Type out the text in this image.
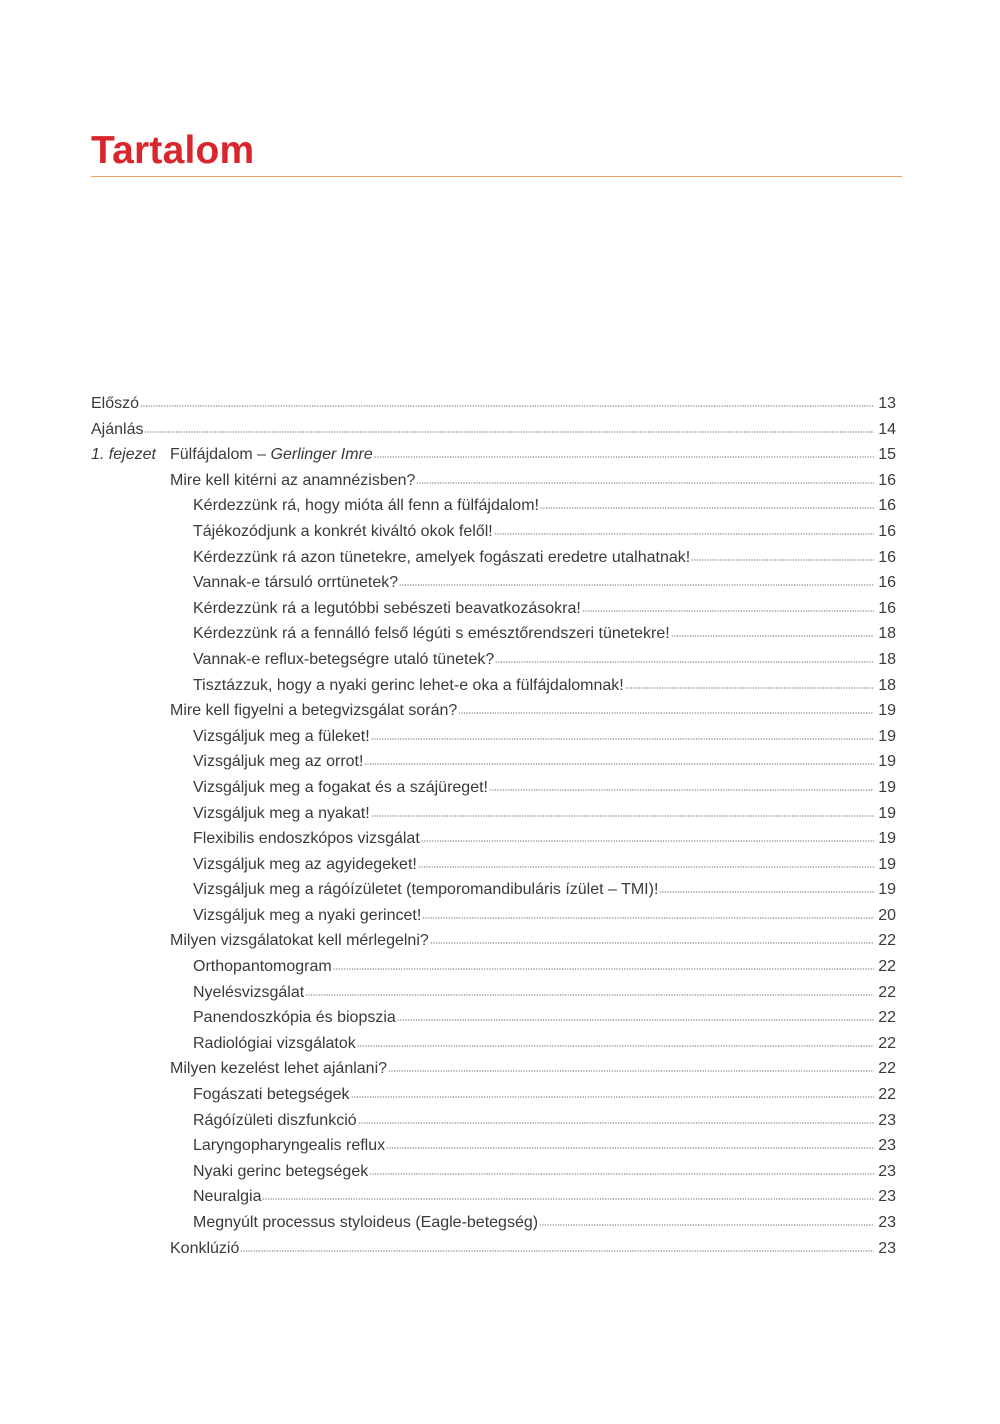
Tartalom
Előszó	13
Ajánlás	14
1. fejezet Fülfájdalom – Gerlinger Imre	15
Mire kell kitérni az anamnézisben?	16
Kérdezzünk rá, hogy mióta áll fenn a fülfájdalom!	16
Tájékozódjunk a konkrét kiváltó okok felől!	16
Kérdezzünk rá azon tünetekre, amelyek fogászati eredetre utalhatnak!	16
Vannak-e társuló orrtünetek?	16
Kérdezzünk rá a legutóbbi sebészeti beavatkozásokra!	16
Kérdezzünk rá a fennálló felső légúti s emésztőrendszeri tünetekre!	18
Vannak-e reflux-betegségre utaló tünetek?	18
Tisztázzuk, hogy a nyaki gerinc lehet-e oka a fülfájdalomnak!	18
Mire kell figyelni a betegvizsgálat során?	19
Vizsgáljuk meg a füleket!	19
Vizsgáljuk meg az orrot!	19
Vizsgáljuk meg a fogakat és a szájüreget!	19
Vizsgáljuk meg a nyakat!	19
Flexibilis endoszkópos vizsgálat	19
Vizsgáljuk meg az agyidegeket!	19
Vizsgáljuk meg a rágóízületet (temporomandibuláris ízület – TMI)!	19
Vizsgáljuk meg a nyaki gerincet!	20
Milyen vizsgálatokat kell mérlegelni?	22
Orthopantomogram	22
Nyelésvizsgálat	22
Panendoszkópia és biopszia	22
Radiológiai vizsgálatok	22
Milyen kezelést lehet ajánlani?	22
Fogászati betegségek	22
Rágóízületi diszfunkció	23
Laryngopharyngealis reflux	23
Nyaki gerinc betegségek	23
Neuralgia	23
Megnyúlt processus styloideus (Eagle-betegség)	23
Konklúzió	23
